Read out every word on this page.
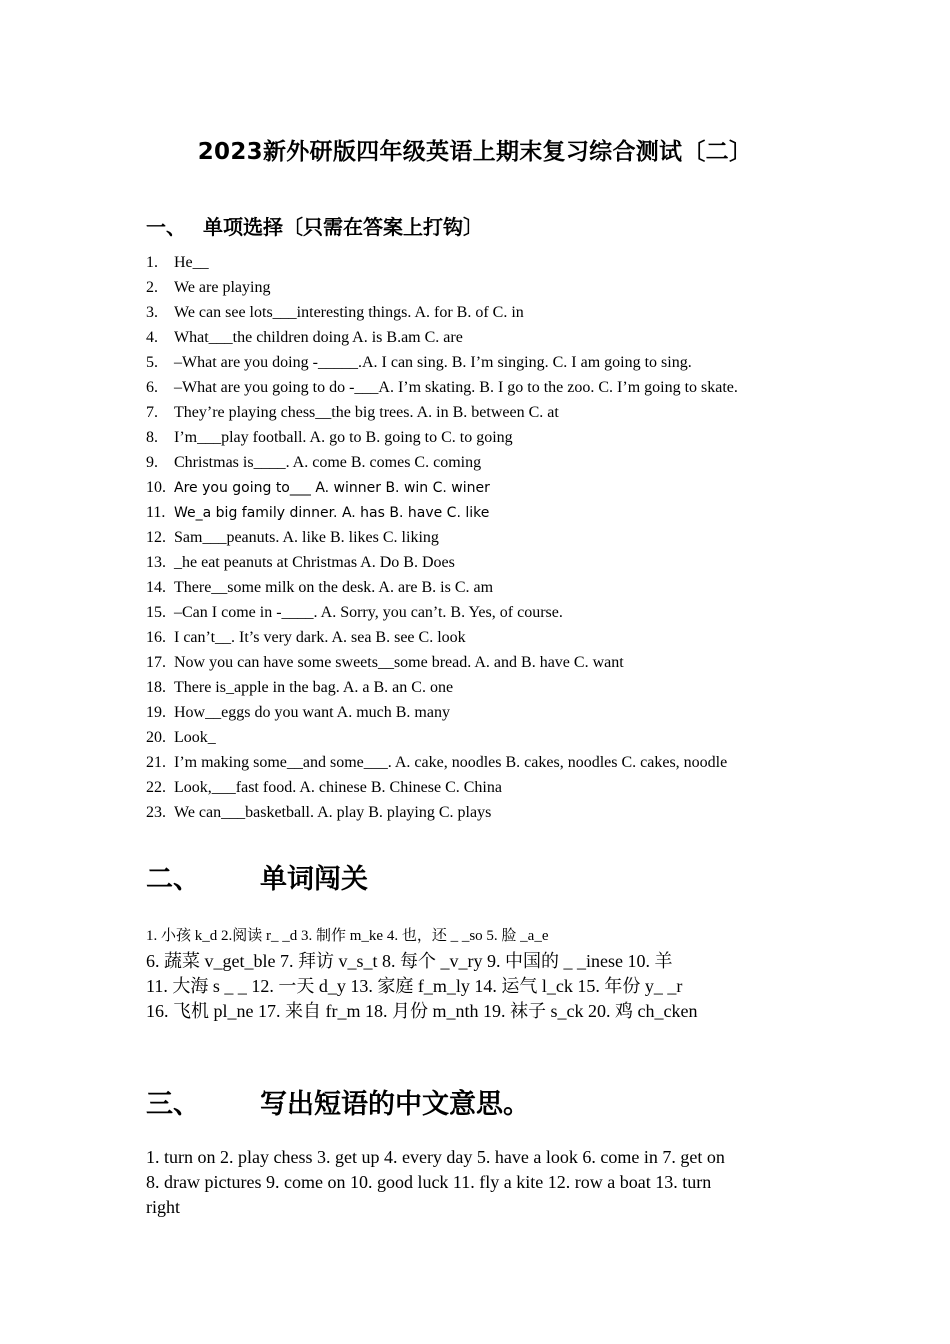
2023新外研版四年级英语上期末复习综合测试〔二〕
一、 单项选择〔只需在答案上打钩〕
1. He__
2. We are playing
3. We can see lots___interesting things. A. for B. of C. in
4. What___the children doing A. is B.am C. are
5. –What are you doing -_____.A. I can sing. B. I’m singing. C. I am going to sing.
6. –What are you going to do -___A. I’m skating. B. I go to the zoo. C. I’m going to skate.
7. They’re playing chess__the big trees. A. in B. between C. at
8. I’m___play football. A. go to B. going to C. to going
9. Christmas is____. A. come B. comes C. coming
10. Are you going to___ A. winner B. win C. winer
11. We_a big family dinner. A. has B. have C. like
12. Sam___peanuts. A. like B. likes C. liking
13. _he eat peanuts at Christmas A. Do B. Does
14. There__some milk on the desk. A. are B. is C. am
15. –Can I come in -____. A. Sorry, you can’t. B. Yes, of course.
16. I can’t__. It’s very dark. A. sea B. see C. look
17. Now you can have some sweets__some bread. A. and B. have C. want
18. There is_apple in the bag. A. a B. an C. one
19. How__eggs do you want A. much B. many
20. Look_
21. I’m making some__and some___. A. cake, noodles B. cakes, noodles C. cakes, noodle
22. Look,___fast food. A. chinese B. Chinese C. China
23. We can___basketball. A. play B. playing C. plays
二、 单词闯关
1. 小孩 k_d 2.阅读 r_ _d 3. 制作 m_ke 4. 也，还 _ _so 5. 脸 _a_e
6. 蔬菜 v_get_ble 7. 拜访 v_s_t 8. 每个 _v_ry 9. 中国的 _ _inese 10. 羊
11. 大海 s _ _ 12. 一天 d_y 13. 家庭 f_m_ly 14. 运气 l_ck 15. 年份 y_ _r
16. 飞机 pl_ne 17. 来自 fr_m 18. 月份 m_nth 19. 袜子 s_ck 20. 鸡 ch_cken
三、 写出短语的中文意思。
1. turn on 2. play chess 3. get up 4. every day 5. have a look 6. come in 7. get on
8. draw pictures 9. come on 10. good luck 11. fly a kite 12. row a boat 13. turn
right
